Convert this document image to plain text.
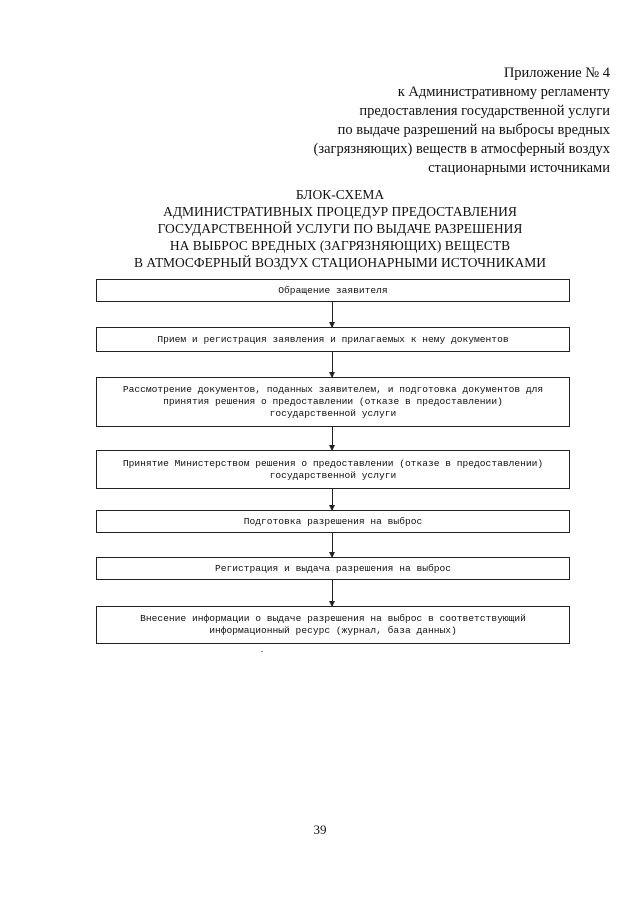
Приложение № 4
к Административному регламенту
предоставления государственной услуги
по выдаче разрешений на выбросы вредных
(загрязняющих) веществ в атмосферный воздух
стационарными источниками
БЛОК-СХЕМА
АДМИНИСТРАТИВНЫХ ПРОЦЕДУР ПРЕДОСТАВЛЕНИЯ
ГОСУДАРСТВЕННОЙ УСЛУГИ ПО ВЫДАЧЕ РАЗРЕШЕНИЯ
НА ВЫБРОС ВРЕДНЫХ (ЗАГРЯЗНЯЮЩИХ) ВЕЩЕСТВ
В АТМОСФЕРНЫЙ ВОЗДУХ СТАЦИОНАРНЫМИ ИСТОЧНИКАМИ
Обращение заявителя
Прием и регистрация заявления и прилагаемых к нему документов
Рассмотрение документов, поданных заявителем, и подготовка документов для
принятия решения о предоставлении (отказе в предоставлении)
государственной услуги
Принятие Министерством решения о предоставлении (отказе в предоставлении)
государственной услуги
Подготовка разрешения на выброс
Регистрация и выдача разрешения на выброс
Внесение информации о выдаче разрешения на выброс в соответствующий
информационный ресурс (журнал, база данных)
39
